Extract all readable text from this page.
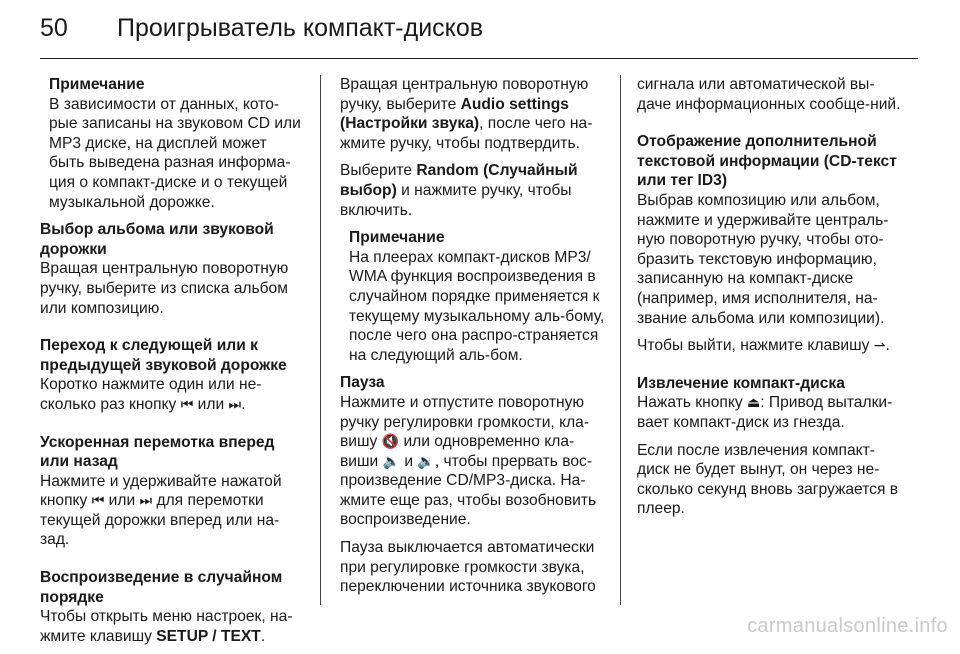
50 Проигрыватель компакт-дисков
Примечание
В зависимости от данных, кото-рые записаны на звуковом CD или MP3 диске, на дисплей может быть выведена разная информа-ция о компакт-диске и о текущей музыкальной дорожке.

Выбор альбома или звуковой дорожки
Вращая центральную поворотную ручку, выберите из списка альбом или композицию.

Переход к следующей или к предыдущей звуковой дорожке
Коротко нажмите один или не-сколько раз кнопку ⏮ или ⏭.

Ускоренная перемотка вперед или назад
Нажмите и удерживайте нажатой кнопку ⏮ или ⏭ для перемотки текущей дорожки вперед или на-зад.

Воспроизведение в случайном порядке
Чтобы открыть меню настроек, на-жмите клавишу SETUP / TEXT.

Вращая центральную поворотную ручку, выберите Audio settings (Настройки звука), после чего на-жмите ручку, чтобы подтвердить.

Выберите Random (Случайный выбор) и нажмите ручку, чтобы включить.

Примечание
На плеерах компакт-дисков MP3/ WMA функция воспроизведения в случайном порядке применяется к текущему музыкальному аль-бому, после чего она распро-страняется на следующий аль-бом.

Пауза
Нажмите и отпустите поворотную ручку регулировки громкости, кла-вишу 🔇 или одновременно кла-виши 🔈 и 🔉, чтобы прервать вос-произведение CD/MP3-диска. На-жмите еще раз, чтобы возобновить воспроизведение.

Пауза выключается автоматически при регулировке громкости звука, переключении источника звукового

сигнала или автоматической вы-даче информационных сообще-ний.

Отображение дополнительной текстовой информации (CD-текст или тег ID3)
Выбрав композицию или альбом, нажмите и удерживайте централь-ную поворотную ручку, чтобы ото-бразить текстовую информацию, записанную на компакт-диске (например, имя исполнителя, на-звание альбома или композиции).

Чтобы выйти, нажмите клавишу ⇀.

Извлечение компакт-диска
Нажать кнопку ⏏: Привод выталки-вает компакт-диск из гнезда.

Если после извлечения компакт-диск не будет вынут, он через не-сколько секунд вновь загружается в плеер.

carmanualsonline.info
